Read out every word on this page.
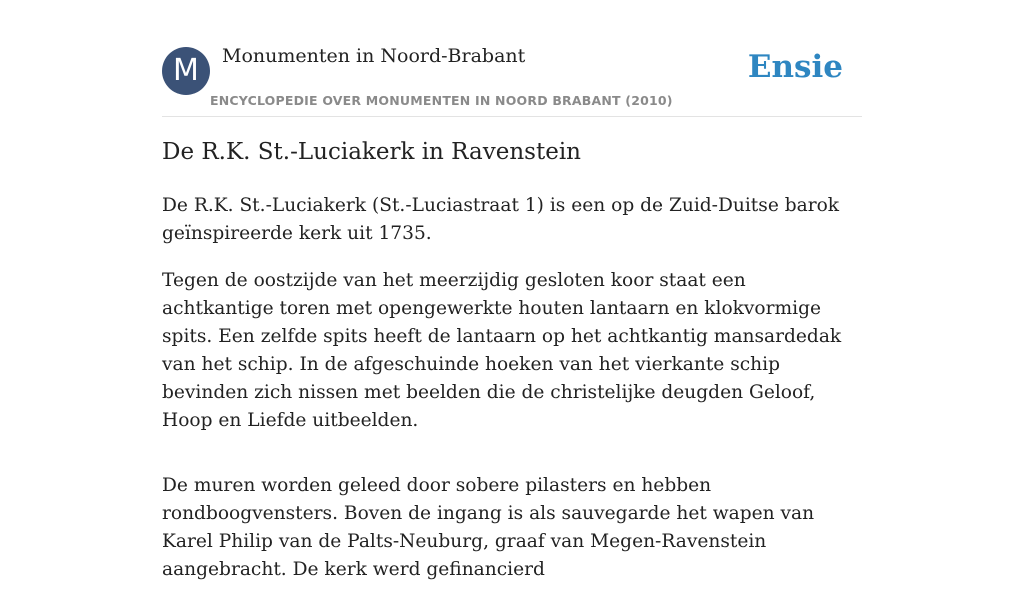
M	Monumenten in Noord-Brabant
ENCYCLOPEDIE OVER MONUMENTEN IN NOORD BRABANT (2010)
Ensie
De R.K. St.-Luciakerk in Ravenstein

De R.K. St.-Luciakerk (St.-Luciastraat 1) is een op de Zuid-Duitse barok geïnspireerde kerk uit 1735.

Tegen de oostzijde van het meerzijdig gesloten koor staat een achtkantige toren met opengewerkte houten lantaarn en klokvormige spits. Een zelfde spits heeft de lantaarn op het achtkantig mansardedak van het schip. In de afgeschuinde hoeken van het vierkante schip bevinden zich nissen met beelden die de christelijke deugden Geloof, Hoop en Liefde uitbeelden.

De muren worden geleed door sobere pilasters en hebben rondboogvensters. Boven de ingang is als sauvegarde het wapen van Karel Philip van de Palts-Neuburg, graaf van Megen-Ravenstein aangebracht. De kerk werd gefinancierd
